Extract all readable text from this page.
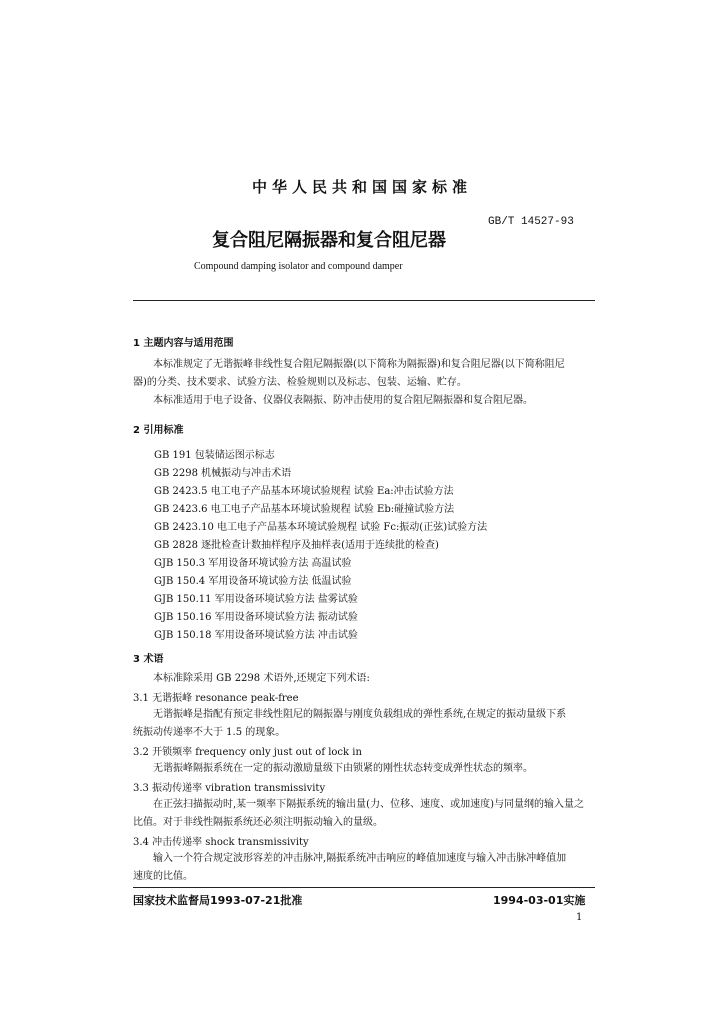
中华人民共和国国家标准
GB/T 14527-93
复合阻尼隔振器和复合阻尼器
Compound damping isolator and compound damper
1 主题内容与适用范围
本标准规定了无谐振峰非线性复合阻尼隔振器(以下简称为隔振器)和复合阻尼器(以下简称阻尼
器)的分类、技术要求、试验方法、检验规则以及标志、包装、运输、贮存。
本标准适用于电子设备、仪器仪表隔振、防冲击使用的复合阻尼隔振器和复合阻尼器。
2 引用标准
GB 191 包装储运图示标志
GB 2298 机械振动与冲击术语
GB 2423.5 电工电子产品基本环境试验规程 试验 Ea:冲击试验方法
GB 2423.6 电工电子产品基本环境试验规程 试验 Eb:碰撞试验方法
GB 2423.10 电工电子产品基本环境试验规程 试验 Fc:振动(正弦)试验方法
GB 2828 逐批检查计数抽样程序及抽样表(适用于连续批的检查)
GJB 150.3 军用设备环境试验方法 高温试验
GJB 150.4 军用设备环境试验方法 低温试验
GJB 150.11 军用设备环境试验方法 盐雾试验
GJB 150.16 军用设备环境试验方法 振动试验
GJB 150.18 军用设备环境试验方法 冲击试验
3 术语
本标准除采用 GB 2298 术语外,还规定下列术语:
3.1 无谐振峰 resonance peak-free
无谐振峰是指配有预定非线性阻尼的隔振器与刚度负载组成的弹性系统,在规定的振动量级下系
统振动传递率不大于 1.5 的现象。
3.2 开锁频率 frequency only just out of lock in
无谐振峰隔振系统在一定的振动激励量级下由锁紧的刚性状态转变成弹性状态的频率。
3.3 振动传递率 vibration transmissivity
在正弦扫描振动时,某一频率下隔振系统的输出量(力、位移、速度、或加速度)与同量纲的输入量之
比值。对于非线性隔振系统还必须注明振动输入的量级。
3.4 冲击传递率 shock transmissivity
输入一个符合规定波形容差的冲击脉冲,隔振系统冲击响应的峰值加速度与输入冲击脉冲峰值加
速度的比值。
国家技术监督局1993-07-21批准	1994-03-01实施
1
